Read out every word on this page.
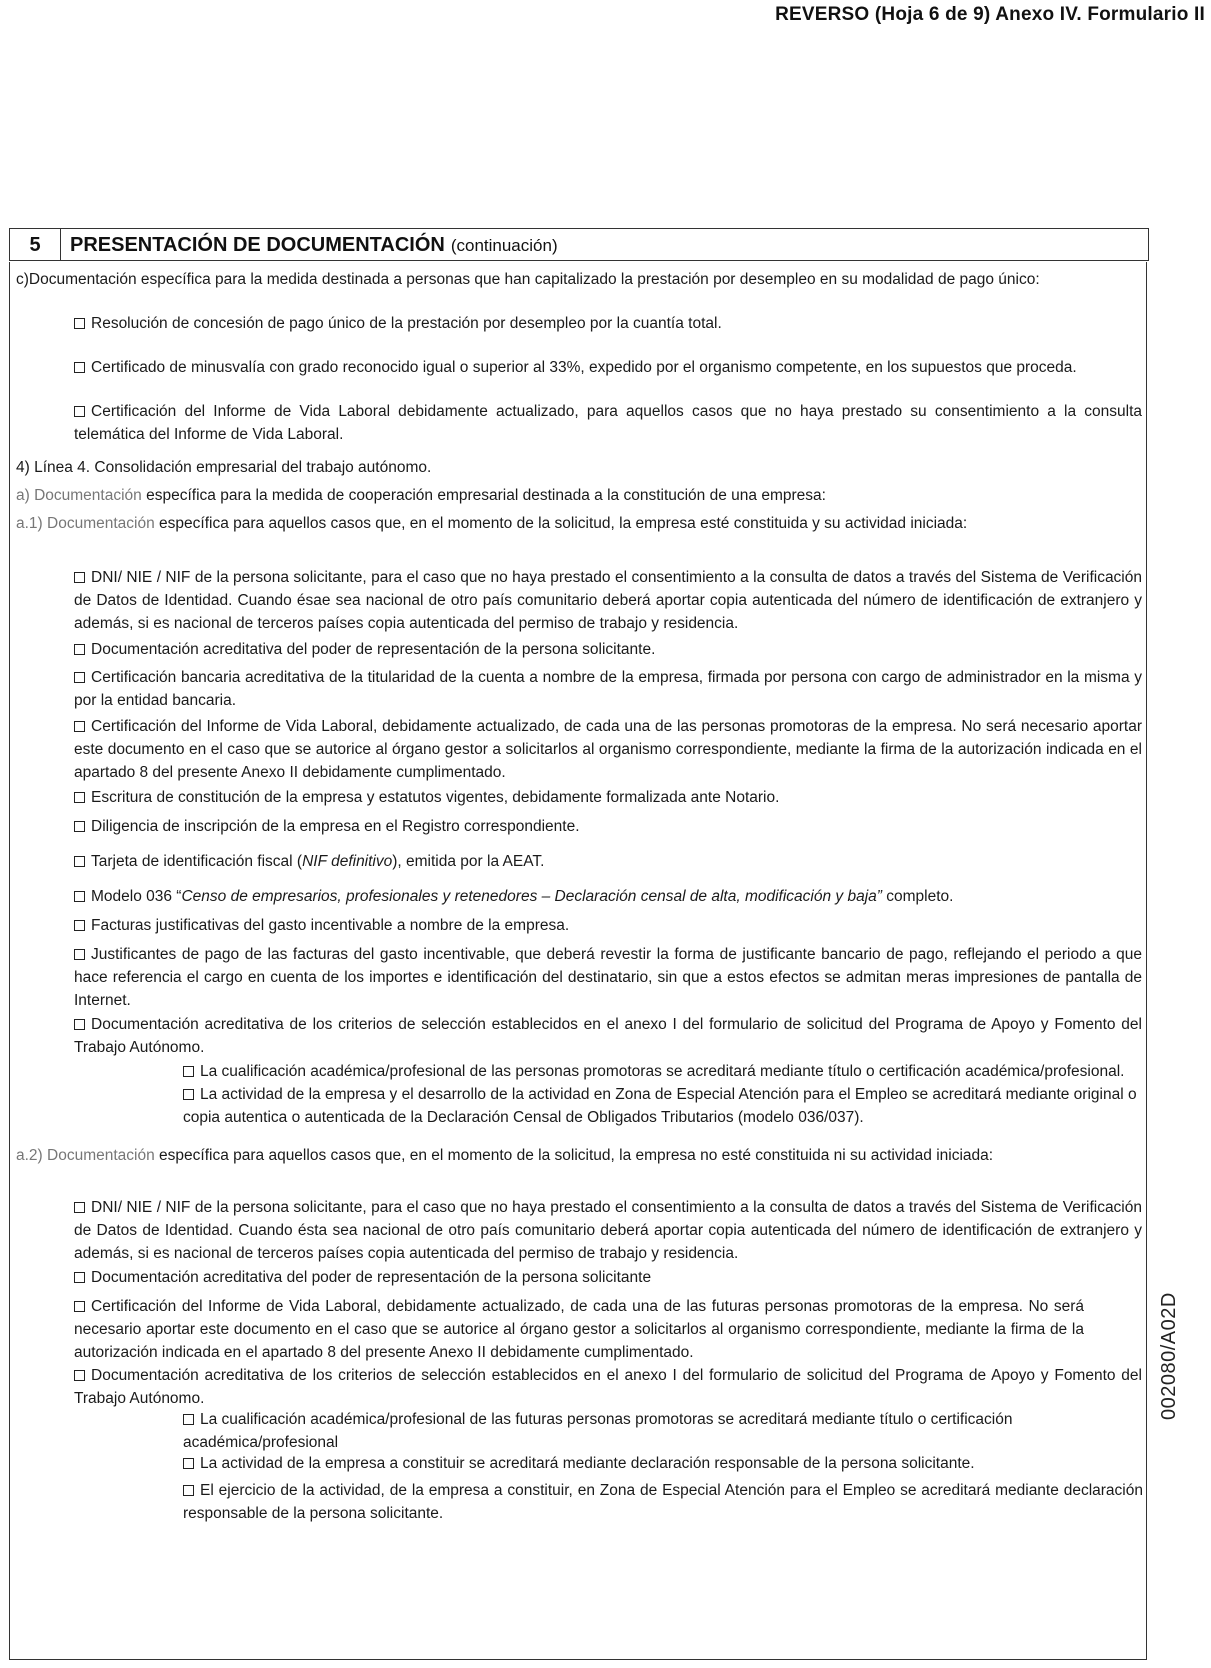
REVERSO (Hoja 6 de 9) Anexo IV. Formulario II
5	PRESENTACIÓN DE DOCUMENTACIÓN (continuación)
c)Documentación específica para la medida destinada a personas que han capitalizado la prestación por desempleo en su modalidad de pago único:
Resolución de concesión de pago único de la prestación por desempleo por la cuantía total.
Certificado de minusvalía con grado reconocido igual o superior al 33%, expedido por el organismo competente, en los supuestos que proceda.
Certificación del Informe de Vida Laboral debidamente actualizado, para aquellos casos que no haya prestado su consentimiento a la consulta telemática del Informe de Vida Laboral.
4) Línea 4. Consolidación empresarial del trabajo autónomo.
a) Documentación específica para la medida de cooperación empresarial destinada a la constitución de una empresa:
a.1) Documentación específica para aquellos casos que, en el momento de la solicitud, la empresa esté constituida y su actividad iniciada:
DNI/ NIE / NIF de la persona solicitante, para el caso que no haya prestado el consentimiento a la consulta de datos a través del Sistema de Verificación de Datos de Identidad. Cuando ésae sea nacional de otro país comunitario deberá aportar copia autenticada del número de identificación de extranjero y además, si es nacional de terceros países copia autenticada del permiso de trabajo y residencia.
Documentación acreditativa del poder de representación de la persona solicitante.
Certificación bancaria acreditativa de la titularidad de la cuenta a nombre de la empresa, firmada por persona con cargo de administrador en la misma y por la entidad bancaria.
Certificación del Informe de Vida Laboral, debidamente actualizado, de cada una de las personas promotoras de la empresa. No será necesario aportar este documento en el caso que se autorice al órgano gestor a solicitarlos al organismo correspondiente, mediante la firma de la autorización indicada en el apartado 8 del presente Anexo II debidamente cumplimentado.
Escritura de constitución de la empresa y estatutos vigentes, debidamente formalizada ante Notario.
Diligencia de inscripción de la empresa en el Registro correspondiente.
Tarjeta de identificación fiscal (NIF definitivo), emitida por la AEAT.
Modelo 036 “Censo de empresarios, profesionales y retenedores – Declaración censal de alta, modificación y baja” completo.
Facturas justificativas del gasto incentivable a nombre de la empresa.
Justificantes de pago de las facturas del gasto incentivable, que deberá revestir la forma de justificante bancario de pago, reflejando el periodo a que hace referencia el cargo en cuenta de los importes e identificación del destinatario, sin que a estos efectos se admitan meras impresiones de pantalla de Internet.
Documentación acreditativa de los criterios de selección establecidos en el anexo I del formulario de solicitud del Programa de Apoyo y Fomento del Trabajo Autónomo.
La cualificación académica/profesional de las personas promotoras se acreditará mediante título o certificación académica/profesional.
La actividad de la empresa y el desarrollo de la actividad en Zona de Especial Atención para el Empleo se acreditará mediante original o copia autentica o autenticada de la Declaración Censal de Obligados Tributarios (modelo 036/037).
a.2) Documentación específica para aquellos casos que, en el momento de la solicitud, la empresa no esté constituida ni su actividad iniciada:
DNI/ NIE / NIF de la persona solicitante, para el caso que no haya prestado el consentimiento a la consulta de datos a través del Sistema de Verificación de Datos de Identidad. Cuando ésta sea nacional de otro país comunitario deberá aportar copia autenticada del número de identificación de extranjero y además, si es nacional de terceros países copia autenticada del permiso de trabajo y residencia.
Documentación acreditativa del poder de representación de la persona solicitante
Certificación del Informe de Vida Laboral, debidamente actualizado, de cada una de las futuras personas promotoras de la empresa. No será necesario aportar este documento en el caso que se autorice al órgano gestor a solicitarlos al organismo correspondiente, mediante la firma de la autorización indicada en el apartado 8 del presente Anexo II debidamente cumplimentado.
Documentación acreditativa de los criterios de selección establecidos en el anexo I del formulario de solicitud del Programa de Apoyo y Fomento del Trabajo Autónomo.
La cualificación académica/profesional de las futuras personas promotoras se acreditará mediante título o certificación académica/profesional
La actividad de la empresa a constituir se acreditará mediante declaración responsable de la persona solicitante.
El ejercicio de la actividad, de la empresa a constituir, en Zona de Especial Atención para el Empleo se acreditará mediante declaración responsable de la persona solicitante.
002080/A02D
